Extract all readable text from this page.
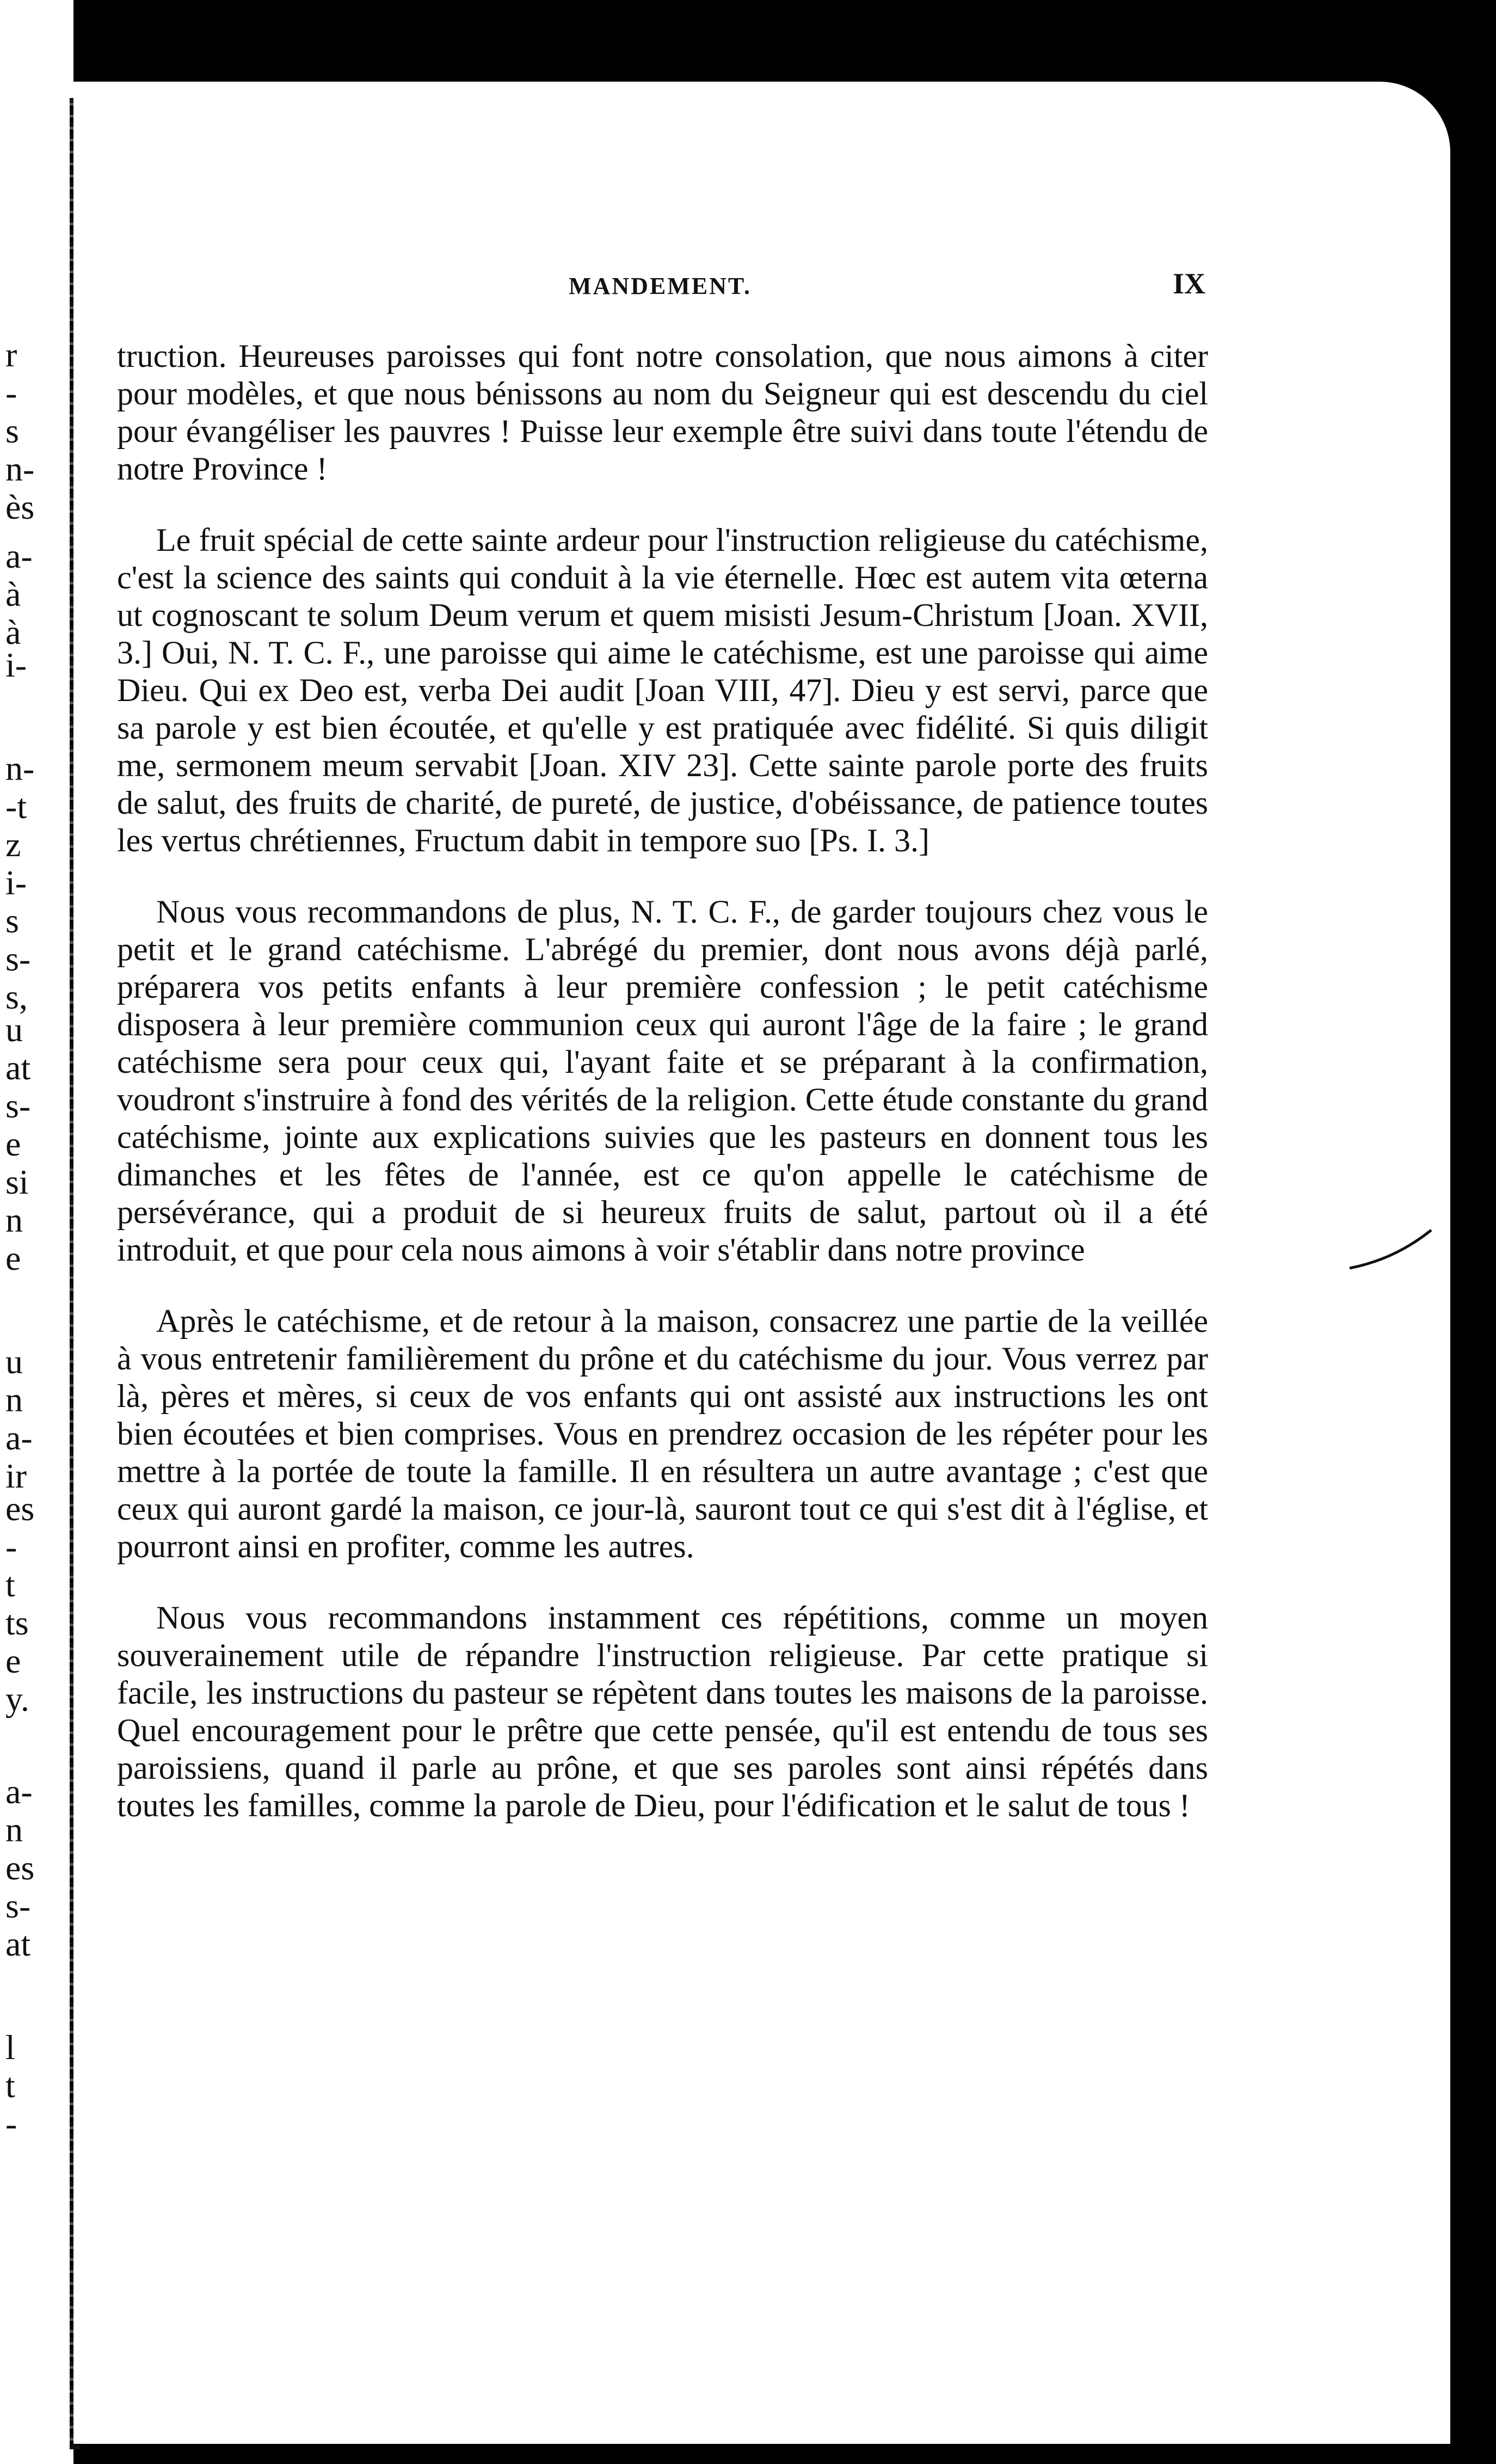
r
-
s
n-
ès
a-
à
à
i-
n-
-t
z
i-
s
s-
s,
u
at
s-
e
si
n
e
u
n
a-
ir
es
-
t
ts
e
y.
a-
n
es
s-
at
l
t
-
MANDEMENT.	IX

truction. Heureuses paroisses qui font notre consolation, que nous aimons à citer pour modèles, et que nous bénissons au nom du Seigneur qui est descendu du ciel pour évangéliser les pauvres ! Puisse leur exemple être suivi dans toute l'étendu de notre Province !

Le fruit spécial de cette sainte ardeur pour l'instruction religieuse du catéchisme, c'est la science des saints qui conduit à la vie éternelle. Hœc est autem vita œterna ut cognoscant te solum Deum verum et quem misisti Jesum-Christum [Joan. XVII, 3.] Oui, N. T. C. F., une paroisse qui aime le catéchisme, est une paroisse qui aime Dieu. Qui ex Deo est, verba Dei audit [Joan VIII, 47]. Dieu y est servi, parce que sa parole y est bien écoutée, et qu'elle y est pratiquée avec fidélité. Si quis diligit me, sermonem meum servabit [Joan. XIV 23]. Cette sainte parole porte des fruits de salut, des fruits de charité, de pureté, de justice, d'obéissance, de patience toutes les vertus chrétiennes, Fructum dabit in tempore suo [Ps. I. 3.]

Nous vous recommandons de plus, N. T. C. F., de garder toujours chez vous le petit et le grand catéchisme. L'abrégé du premier, dont nous avons déjà parlé, préparera vos petits enfants à leur première confession ; le petit catéchisme disposera à leur première communion ceux qui auront l'âge de la faire ; le grand catéchisme sera pour ceux qui, l'ayant faite et se préparant à la confirmation, voudront s'instruire à fond des vérités de la religion. Cette étude constante du grand catéchisme, jointe aux explications suivies que les pasteurs en donnent tous les dimanches et les fêtes de l'année, est ce qu'on appelle le catéchisme de persévérance, qui a produit de si heureux fruits de salut, partout où il a été introduit, et que pour cela nous aimons à voir s'établir dans notre province

Après le catéchisme, et de retour à la maison, consacrez une partie de la veillée à vous entretenir familièrement du prône et du catéchisme du jour. Vous verrez par là, pères et mères, si ceux de vos enfants qui ont assisté aux instructions les ont bien écoutées et bien comprises. Vous en prendrez occasion de les répéter pour les mettre à la portée de toute la famille. Il en résultera un autre avantage ; c'est que ceux qui auront gardé la maison, ce jour-là, sauront tout ce qui s'est dit à l'église, et pourront ainsi en profiter, comme les autres.

Nous vous recommandons instamment ces répétitions, comme un moyen souverainement utile de répandre l'instruction religieuse. Par cette pratique si facile, les instructions du pasteur se répètent dans toutes les maisons de la paroisse. Quel encouragement pour le prêtre que cette pensée, qu'il est entendu de tous ses paroissiens, quand il parle au prône, et que ses paroles sont ainsi répétés dans toutes les familles, comme la parole de Dieu, pour l'édification et le salut de tous !
